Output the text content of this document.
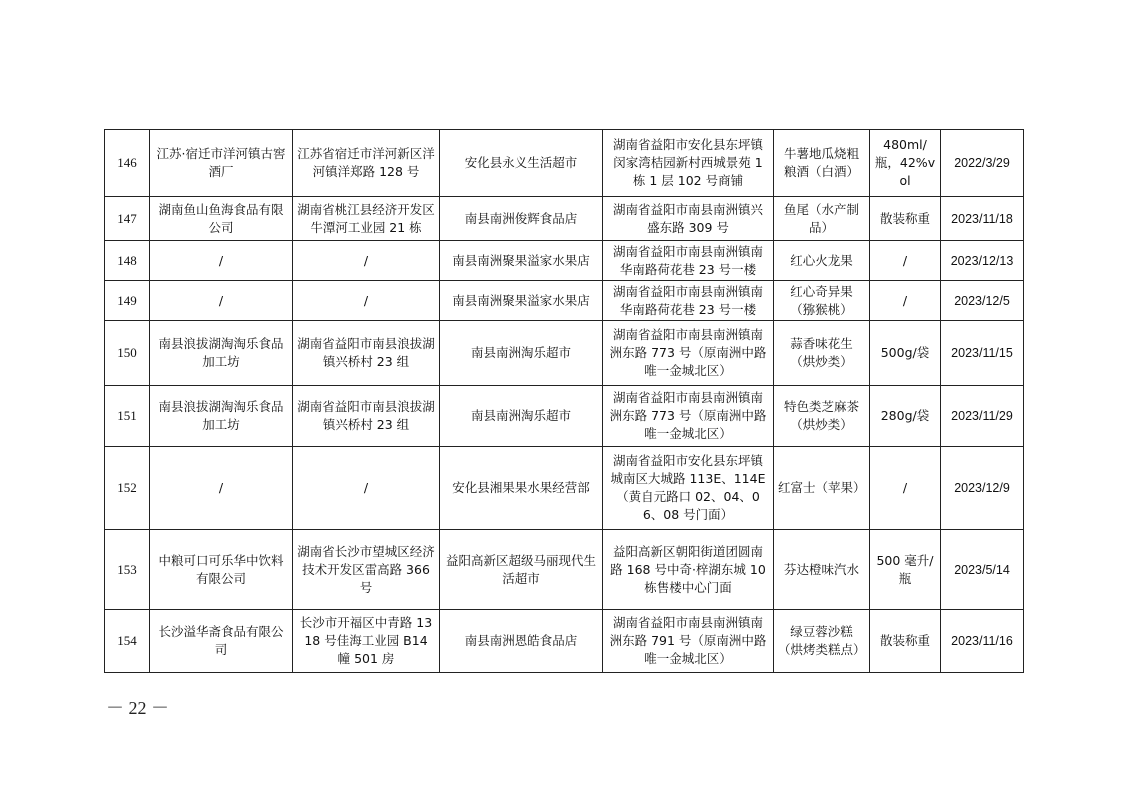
146	江苏·宿迁市洋河镇古窖酒厂	江苏省宿迁市洋河新区洋河镇洋郑路 128 号	安化县永义生活超市	湖南省益阳市安化县东坪镇闵家湾桔园新村西城景苑 1 栋 1 层 102 号商铺	牛薯地瓜烧粗粮酒（白酒）	480ml/瓶，42%vol	2022/3/29
147	湖南鱼山鱼海食品有限公司	湖南省桃江县经济开发区牛潭河工业园 21 栋	南县南洲俊辉食品店	湖南省益阳市南县南洲镇兴盛东路 309 号	鱼尾（水产制品）	散装称重	2023/11/18
148	/	/	南县南洲聚果溢家水果店	湖南省益阳市南县南洲镇南华南路荷花巷 23 号一楼	红心火龙果	/	2023/12/13
149	/	/	南县南洲聚果溢家水果店	湖南省益阳市南县南洲镇南华南路荷花巷 23 号一楼	红心奇异果（猕猴桃）	/	2023/12/5
150	南县浪拔湖淘淘乐食品加工坊	湖南省益阳市南县浪拔湖镇兴桥村 23 组	南县南洲淘乐超市	湖南省益阳市南县南洲镇南洲东路 773 号（原南洲中路唯一金城北区）	蒜香味花生（烘炒类）	500g/袋	2023/11/15
151	南县浪拔湖淘淘乐食品加工坊	湖南省益阳市南县浪拔湖镇兴桥村 23 组	南县南洲淘乐超市	湖南省益阳市南县南洲镇南洲东路 773 号（原南洲中路唯一金城北区）	特色类芝麻茶（烘炒类）	280g/袋	2023/11/29
152	/	/	安化县湘果果水果经营部	湖南省益阳市安化县东坪镇城南区大城路 113E、114E（黄自元路口 02、04、06、08 号门面）	红富士（苹果）	/	2023/12/9
153	中粮可口可乐华中饮料有限公司	湖南省长沙市望城区经济技术开发区雷高路 366 号	益阳高新区超级马丽现代生活超市	益阳高新区朝阳街道团圆南路 168 号中奇·梓湖东城 10 栋售楼中心门面	芬达橙味汽水	500 毫升/瓶	2023/5/14
154	长沙溢华斋食品有限公司	长沙市开福区中青路 1318 号佳海工业园 B14 幢 501 房	南县南洲恩皓食品店	湖南省益阳市南县南洲镇南洲东路 791 号（原南洲中路唯一金城北区）	绿豆蓉沙糕（烘烤类糕点）	散装称重	2023/11/16
－ 22 －
